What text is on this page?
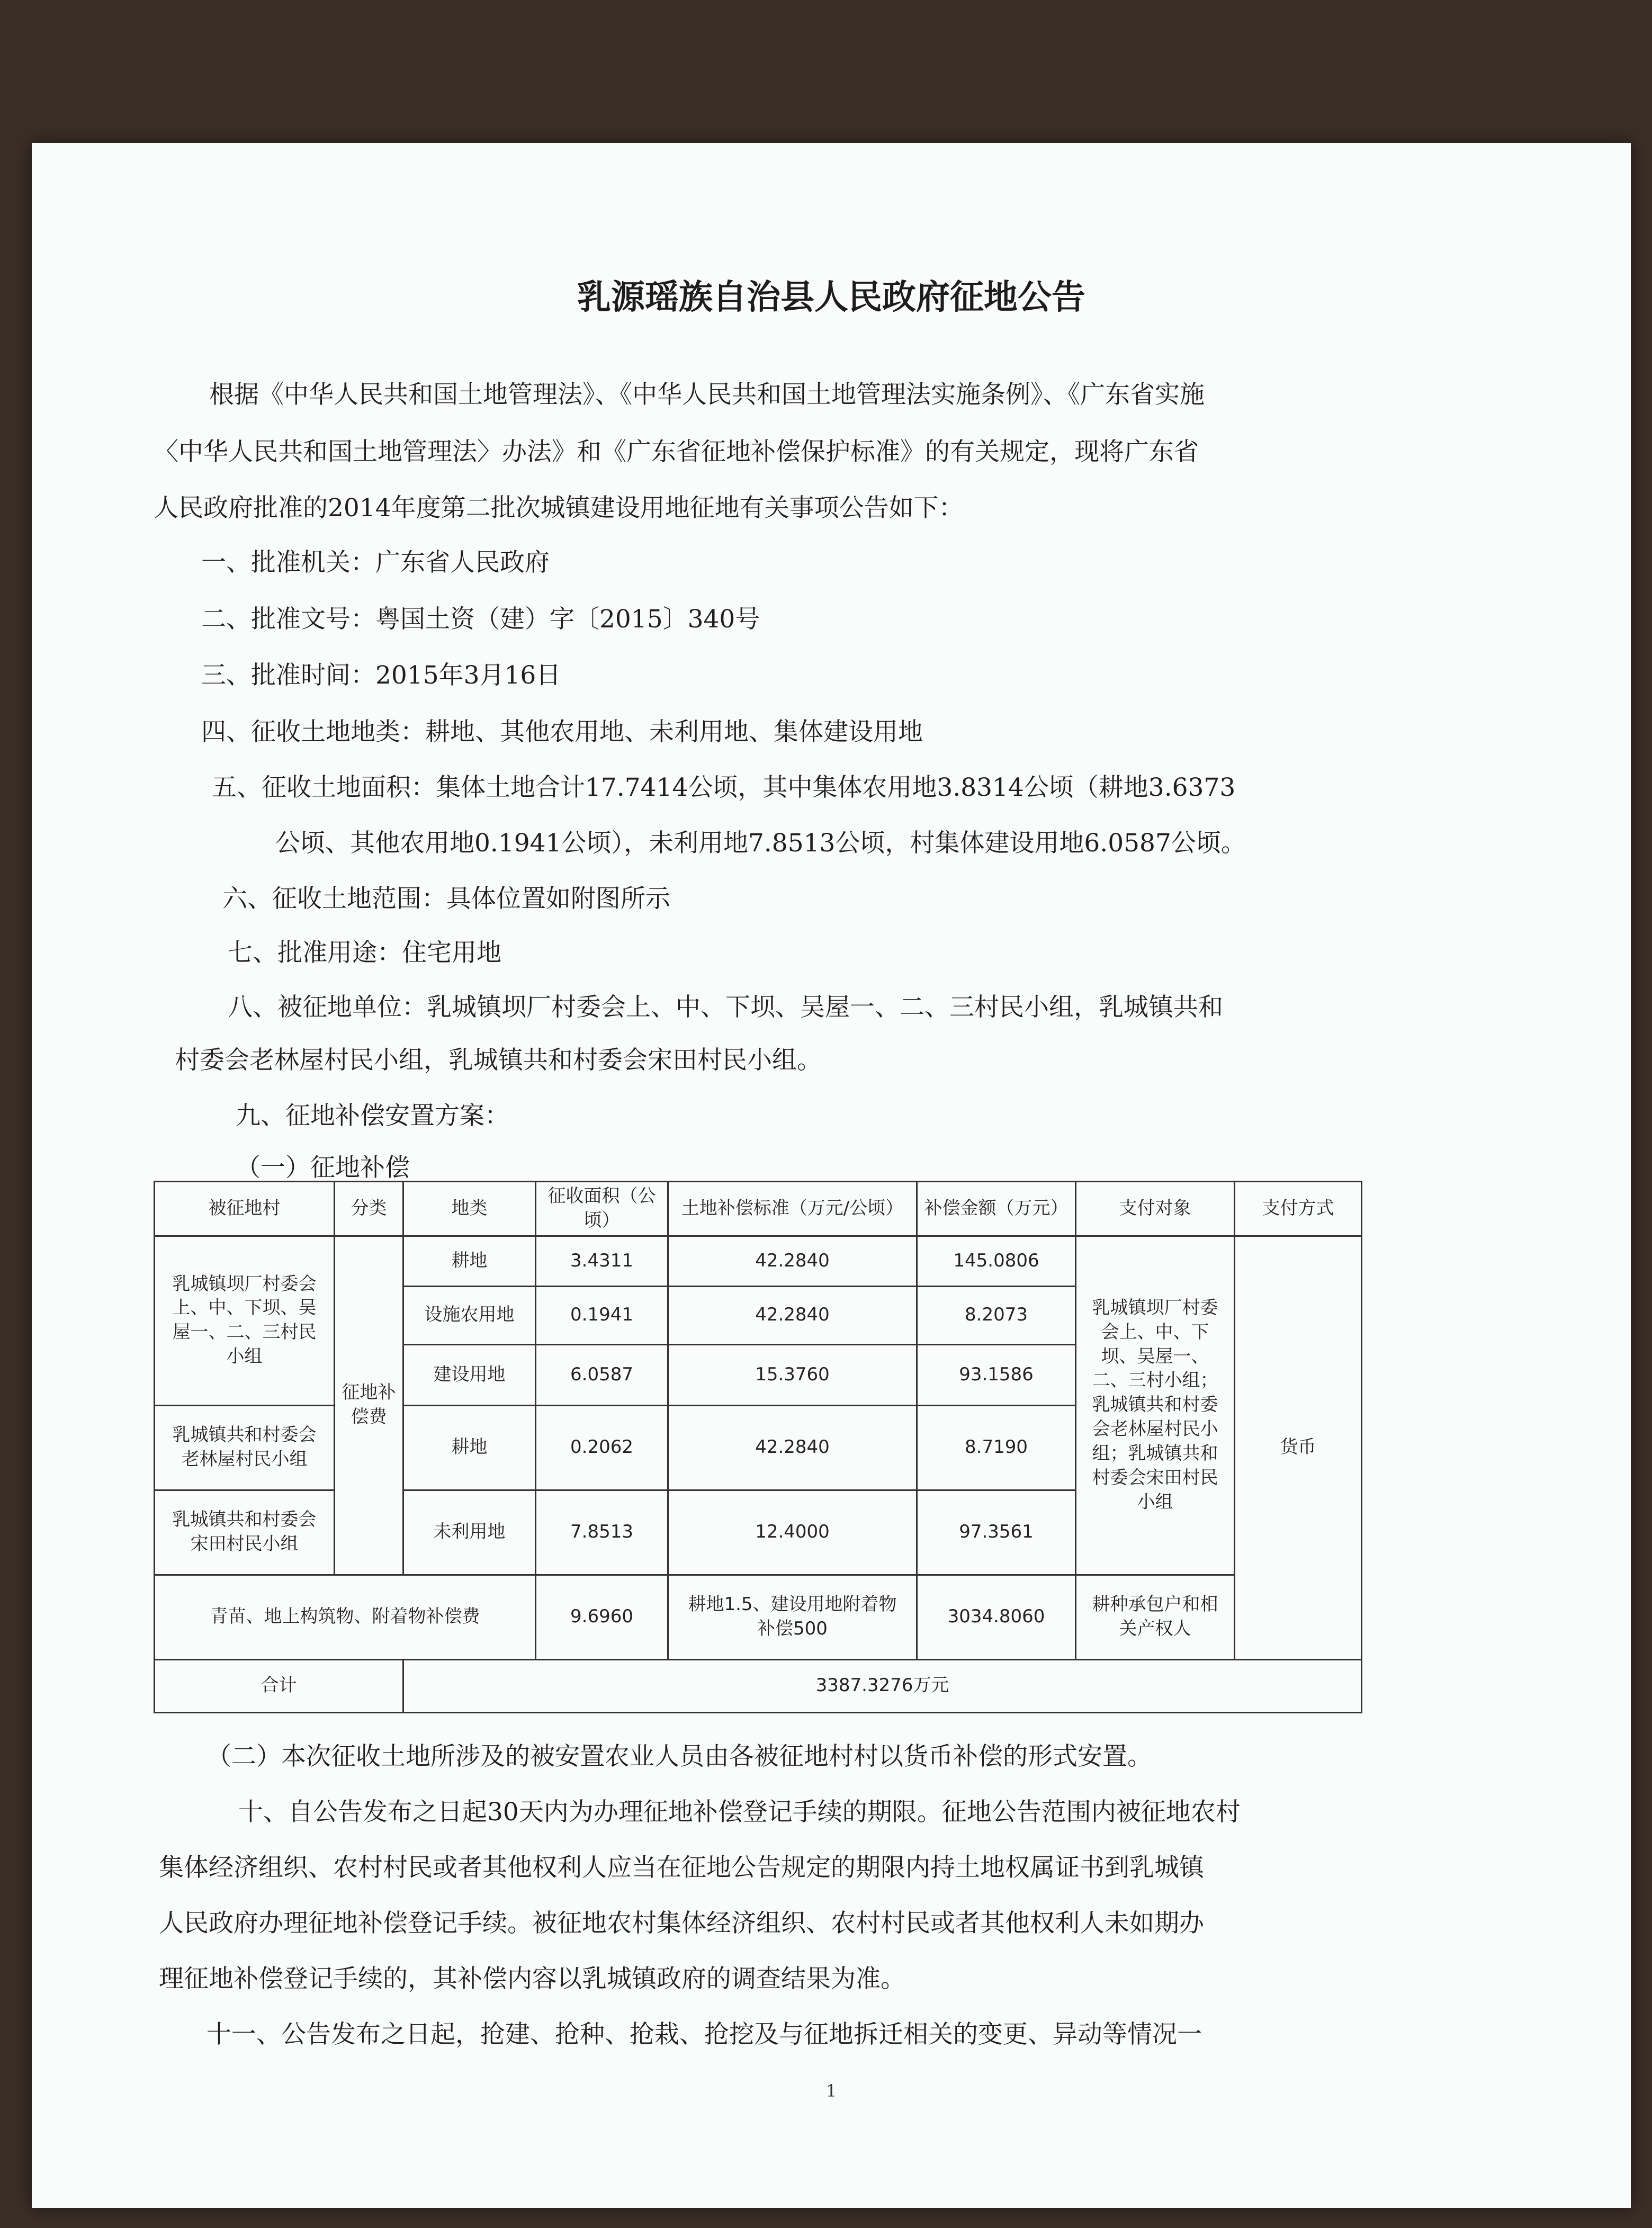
乳源瑶族自治县人民政府征地公告
根据《中华人民共和国土地管理法》、《中华人民共和国土地管理法实施条例》、《广东省实施
〈中华人民共和国土地管理法〉办法》和《广东省征地补偿保护标准》的有关规定，现将广东省
人民政府批准的2014年度第二批次城镇建设用地征地有关事项公告如下：
一、批准机关：广东省人民政府
二、批准文号：粤国土资（建）字〔2015〕340号
三、批准时间：2015年3月16日
四、征收土地地类：耕地、其他农用地、未利用地、集体建设用地
五、征收土地面积：集体土地合计17.7414公顷，其中集体农用地3.8314公顷（耕地3.6373
公顷、其他农用地0.1941公顷），未利用地7.8513公顷，村集体建设用地6.0587公顷。
六、征收土地范围：具体位置如附图所示
七、批准用途：住宅用地
八、被征地单位：乳城镇坝厂村委会上、中、下坝、吴屋一、二、三村民小组，乳城镇共和
村委会老林屋村民小组，乳城镇共和村委会宋田村民小组。
九、征地补偿安置方案：
（一）征地补偿
被征地村	分类	地类	征收面积（公顷）	土地补偿标准（万元/公顷）	补偿金额（万元）	支付对象	支付方式
乳城镇坝厂村委会上、中、下坝、吴屋一、二、三村民小组	征地补偿费	耕地	3.4311	42.2840	145.0806	乳城镇坝厂村委会上、中、下坝、吴屋一、二、三村小组；乳城镇共和村委会老林屋村民小组；乳城镇共和村委会宋田村民小组	货币
		设施农用地	0.1941	42.2840	8.2073		
		建设用地	6.0587	15.3760	93.1586		
乳城镇共和村委会老林屋村民小组		耕地	0.2062	42.2840	8.7190		
乳城镇共和村委会宋田村民小组		未利用地	7.8513	12.4000	97.3561		
青苗、地上构筑物、附着物补偿费			9.6960	耕地1.5、建设用地附着物补偿500	3034.8060	耕种承包户和相关产权人	
合计		3387.3276万元					
（二）本次征收土地所涉及的被安置农业人员由各被征地村村以货币补偿的形式安置。
十、自公告发布之日起30天内为办理征地补偿登记手续的期限。征地公告范围内被征地农村
集体经济组织、农村村民或者其他权利人应当在征地公告规定的期限内持土地权属证书到乳城镇
人民政府办理征地补偿登记手续。被征地农村集体经济组织、农村村民或者其他权利人未如期办
理征地补偿登记手续的，其补偿内容以乳城镇政府的调查结果为准。
十一、公告发布之日起，抢建、抢种、抢栽、抢挖及与征地拆迁相关的变更、异动等情况一
1
